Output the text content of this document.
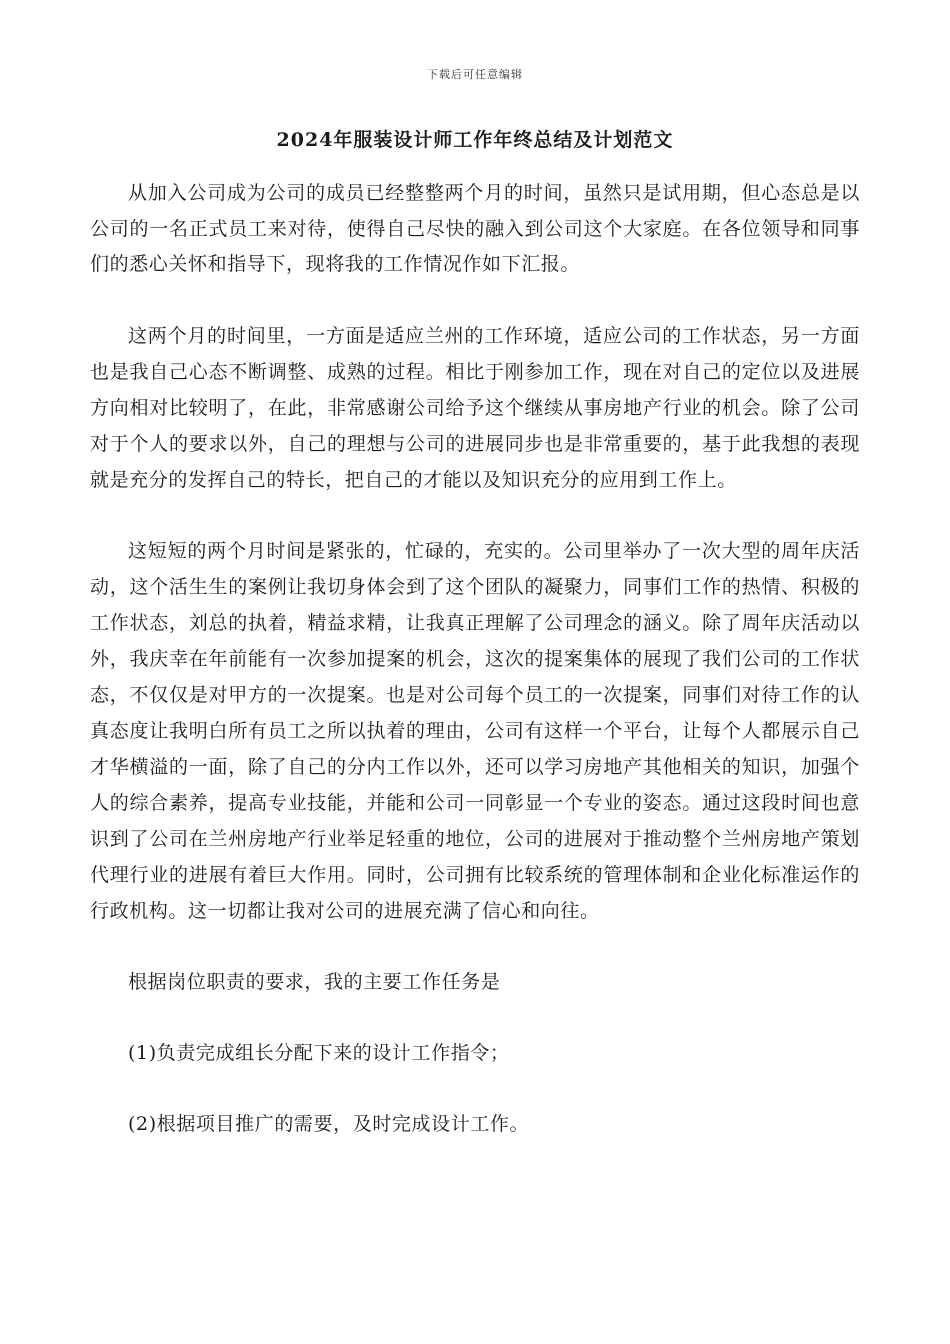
下载后可任意编辑
2024年服装设计师工作年终总结及计划范文

从加入公司成为公司的成员已经整整两个月的时间，虽然只是试用期，但心态总是以公司的一名正式员工来对待，使得自己尽快的融入到公司这个大家庭。在各位领导和同事们的悉心关怀和指导下，现将我的工作情况作如下汇报。

这两个月的时间里，一方面是适应兰州的工作环境，适应公司的工作状态，另一方面也是我自己心态不断调整、成熟的过程。相比于刚参加工作，现在对自己的定位以及进展方向相对比较明了，在此，非常感谢公司给予这个继续从事房地产行业的机会。除了公司对于个人的要求以外，自己的理想与公司的进展同步也是非常重要的，基于此我想的表现就是充分的发挥自己的特长，把自己的才能以及知识充分的应用到工作上。

这短短的两个月时间是紧张的，忙碌的，充实的。公司里举办了一次大型的周年庆活动，这个活生生的案例让我切身体会到了这个团队的凝聚力，同事们工作的热情、积极的工作状态，刘总的执着，精益求精，让我真正理解了公司理念的涵义。除了周年庆活动以外，我庆幸在年前能有一次参加提案的机会，这次的提案集体的展现了我们公司的工作状态，不仅仅是对甲方的一次提案。也是对公司每个员工的一次提案，同事们对待工作的认真态度让我明白所有员工之所以执着的理由，公司有这样一个平台，让每个人都展示自己才华横溢的一面，除了自己的分内工作以外，还可以学习房地产其他相关的知识，加强个人的综合素养，提高专业技能，并能和公司一同彰显一个专业的姿态。通过这段时间也意识到了公司在兰州房地产行业举足轻重的地位，公司的进展对于推动整个兰州房地产策划代理行业的进展有着巨大作用。同时，公司拥有比较系统的管理体制和企业化标准运作的行政机构。这一切都让我对公司的进展充满了信心和向往。

根据岗位职责的要求，我的主要工作任务是

(1)负责完成组长分配下来的设计工作指令；

(2)根据项目推广的需要，及时完成设计工作。
